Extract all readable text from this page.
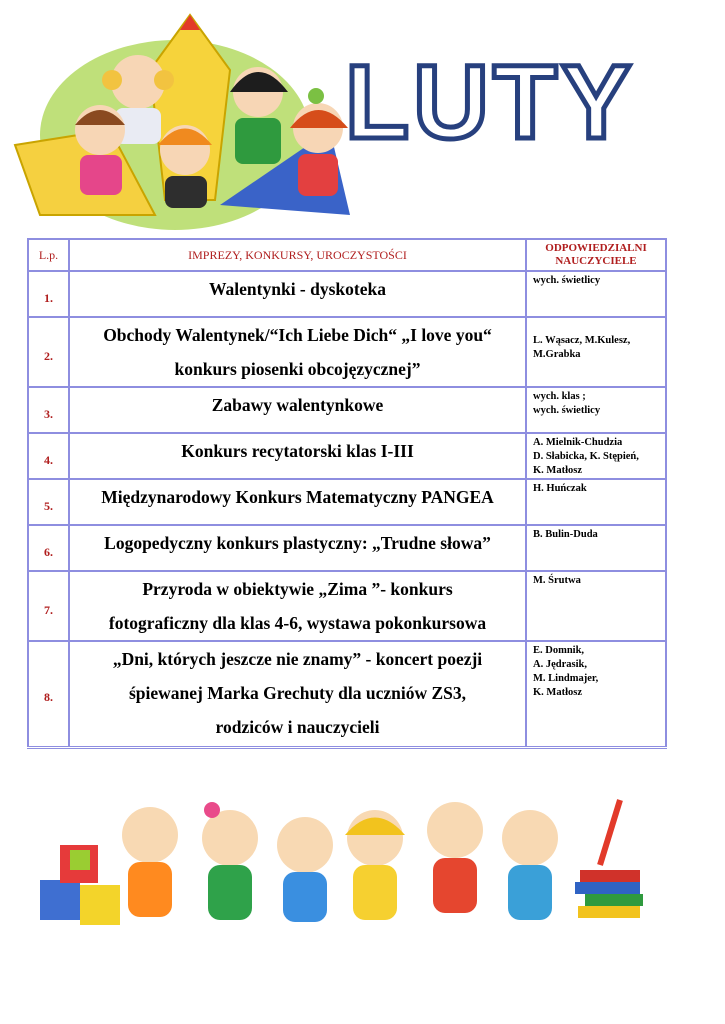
LUTY
L.p.	IMPREZY, KONKURSY, UROCZYSTOŚCI	ODPOWIEDZIALNI
NAUCZYCIELE

1.	Walentynki - dyskoteka	wych. świetlicy

2.	Obchody Walentynek/“Ich Liebe Dich“ „I love you“
konkurs piosenki obcojęzycznej”	L. Wąsacz, M.Kulesz,
M.Grabka

3.	Zabawy walentynkowe	wych. klas ;
wych. świetlicy

4.	Konkurs recytatorski klas I-III	A. Mielnik-Chudzia
D. Słabicka, K. Stępień,
K. Matłosz

5.	Międzynarodowy Konkurs Matematyczny PANGEA	H. Huńczak

6.	Logopedyczny konkurs plastyczny: „Trudne słowa”	B. Bulin-Duda

7.	Przyroda w obiektywie „Zima ”- konkurs
fotograficzny dla klas 4-6, wystawa pokonkursowa	M. Śrutwa

8.	„Dni, których jeszcze nie znamy” - koncert poezji
śpiewanej Marka Grechuty dla uczniów ZS3,
rodziców i nauczycieli	E. Domnik,
A. Jędrasik,
M. Lindmajer,
K. Matłosz
